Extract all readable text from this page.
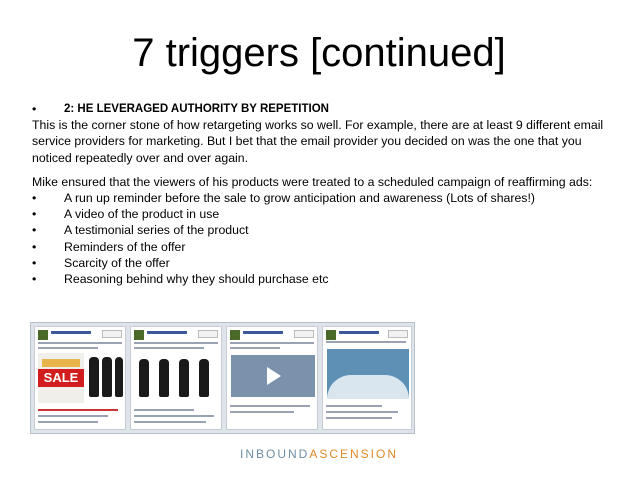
7 triggers [continued]
•	2: HE LEVERAGED AUTHORITY BY REPETITION

This is the corner stone of how retargeting works so well. For example, there are at least 9 different email service providers for marketing. But I bet that the email provider you decided on was the one that you noticed repeatedly over and over again.

Mike ensured that the viewers of his products were treated to a scheduled campaign of reaffirming ads:

•	A run up reminder before the sale to grow anticipation and awareness (Lots of shares!)
•	A video of the product in use
•	A testimonial series of the product
•	Reminders of the offer
•	Scarcity of the offer
•	Reasoning behind why they should purchase etc
SALE
INBOUNDASCENSION
